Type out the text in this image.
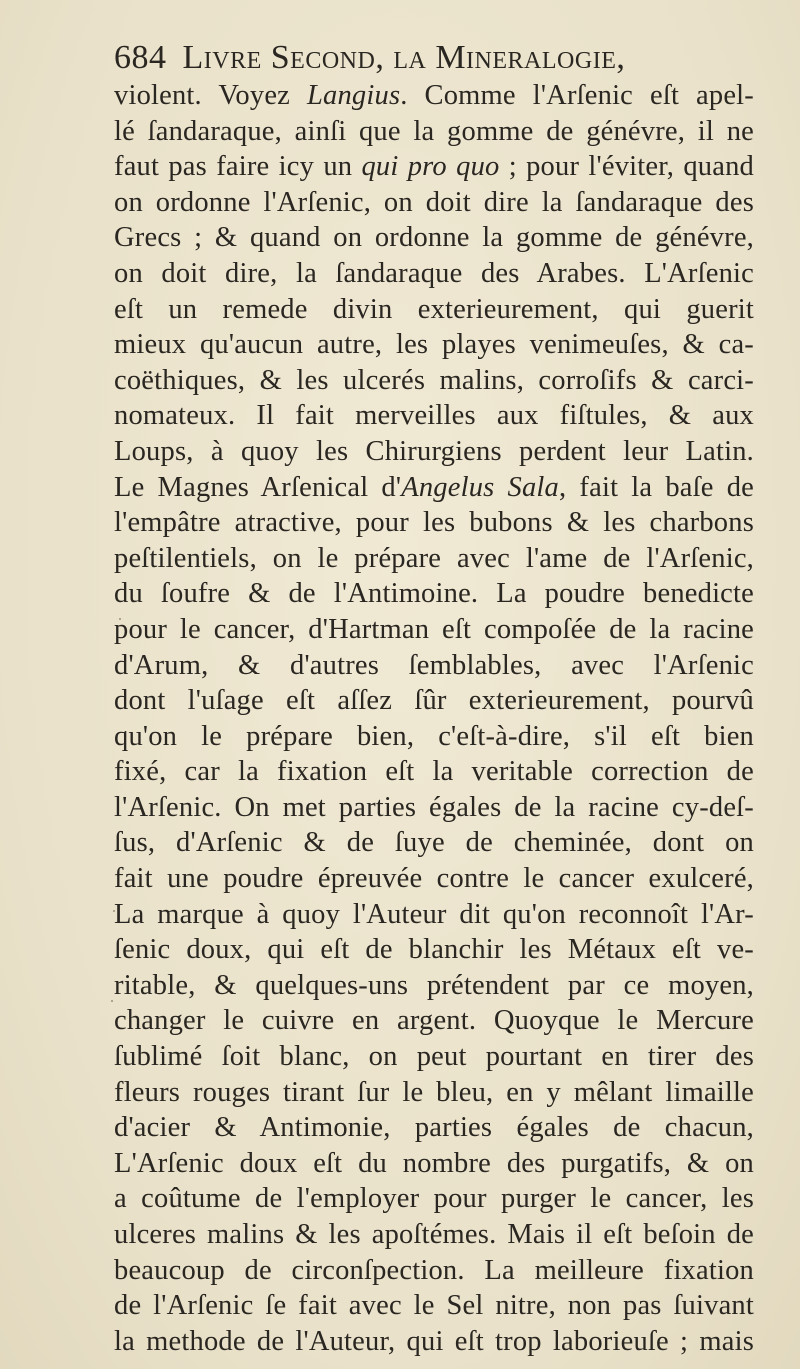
684 Livre Second, la Mineralogie,
violent. Voyez Langius. Comme l'Arſenic eſt apel-
lé ſandaraque, ainſi que la gomme de génévre, il ne
faut pas faire icy un qui pro quo ; pour l'éviter, quand
on ordonne l'Arſenic, on doit dire la ſandaraque des
Grecs ; & quand on ordonne la gomme de génévre,
on doit dire, la ſandaraque des Arabes. L'Arſenic
eſt un remede divin exterieurement, qui guerit
mieux qu'aucun autre, les playes venimeuſes, & ca-
coëthiques, & les ulcerés malins, corroſifs & carci-
nomateux. Il fait merveilles aux fiſtules, & aux
Loups, à quoy les Chirurgiens perdent leur Latin.
Le Magnes Arſenical d'Angelus Sala, fait la baſe de
l'empâtre atractive, pour les bubons & les charbons
peſtilentiels, on le prépare avec l'ame de l'Arſenic,
du ſoufre & de l'Antimoine. La poudre benedicte
pour le cancer, d'Hartman eſt compoſée de la racine
d'Arum, & d'autres ſemblables, avec l'Arſenic
dont l'uſage eſt aſſez ſûr exterieurement, pourvû
qu'on le prépare bien, c'eſt-à-dire, s'il eſt bien
fixé, car la fixation eſt la veritable correction de
l'Arſenic. On met parties égales de la racine cy-deſ-
ſus, d'Arſenic & de ſuye de cheminée, dont on
fait une poudre épreuvée contre le cancer exulceré,
La marque à quoy l'Auteur dit qu'on reconnoît l'Ar-
ſenic doux, qui eſt de blanchir les Métaux eſt ve-
ritable, & quelques-uns prétendent par ce moyen,
changer le cuivre en argent. Quoyque le Mercure
ſublimé ſoit blanc, on peut pourtant en tirer des
fleurs rouges tirant ſur le bleu, en y mêlant limaille
d'acier & Antimonie, parties égales de chacun,
L'Arſenic doux eſt du nombre des purgatifs, & on
a coûtume de l'employer pour purger le cancer, les
ulceres malins & les apoſtémes. Mais il eſt beſoin de
beaucoup de circonſpection. La meilleure fixation
de l'Arſenic ſe fait avec le Sel nitre, non pas ſuivant
la methode de l'Auteur, qui eſt trop laborieuſe ; mais
